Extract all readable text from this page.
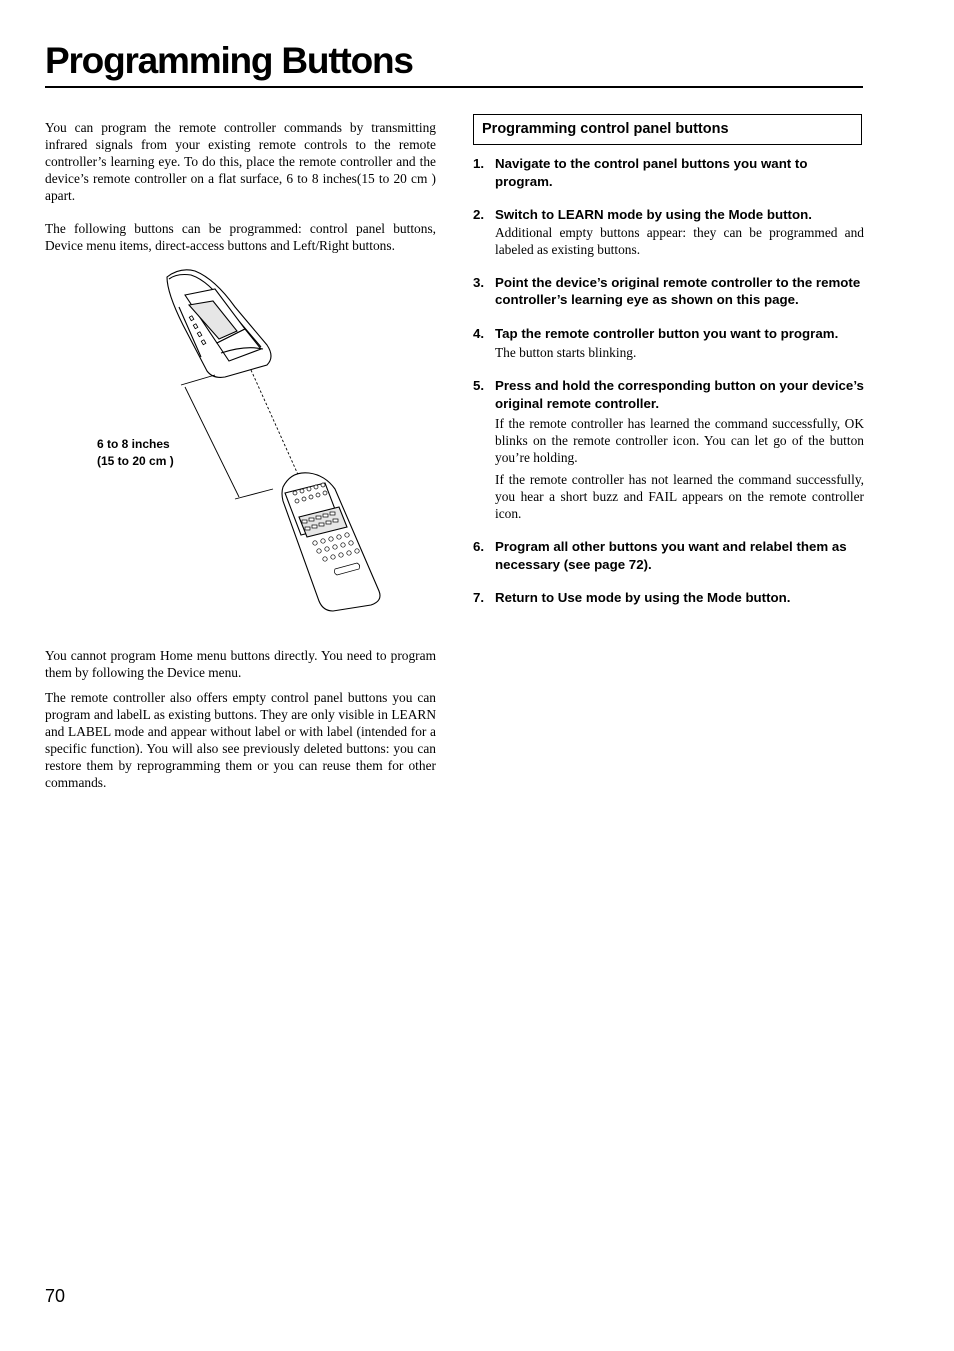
Programming Buttons

You can program the remote controller commands by transmitting infrared signals from your existing remote controls to the remote controller’s learning eye. To do this, place the remote controller and the device’s remote controller on a flat surface, 6 to 8 inches(15 to 20 cm ) apart.

The following buttons can be programmed: control panel buttons, Device menu items, direct-access buttons and Left/Right buttons.

6 to 8 inches
(15 to 20 cm )

You cannot program Home menu buttons directly. You need to program them by following the Device menu.

The remote controller also offers empty control panel buttons you can program and labelL as existing buttons. They are only visible in LEARN and LABEL mode and appear without label or with label (intended for a specific function). You will also see previously deleted buttons: you can restore them by reprogramming them or you can reuse them for other commands.

Programming control panel buttons
1. Navigate to the control panel buttons you want to program.

2. Switch to LEARN mode by using the Mode button.

Additional empty buttons appear: they can be programmed and labeled as existing buttons.

3. Point the device’s original remote controller to the remote controller’s learning eye as shown on this page.

4. Tap the remote controller button you want to program.

The button starts blinking.

5. Press and hold the corresponding button on your device’s original remote controller.

If the remote controller has learned the command successfully, OK blinks on the remote controller icon. You can let go of the button you’re holding.

If the remote controller has not learned the command successfully, you hear a short buzz and FAIL appears on the remote controller icon.

6. Program all other buttons you want and relabel them as necessary (see page 72).

7. Return to Use mode by using the Mode button.

70
